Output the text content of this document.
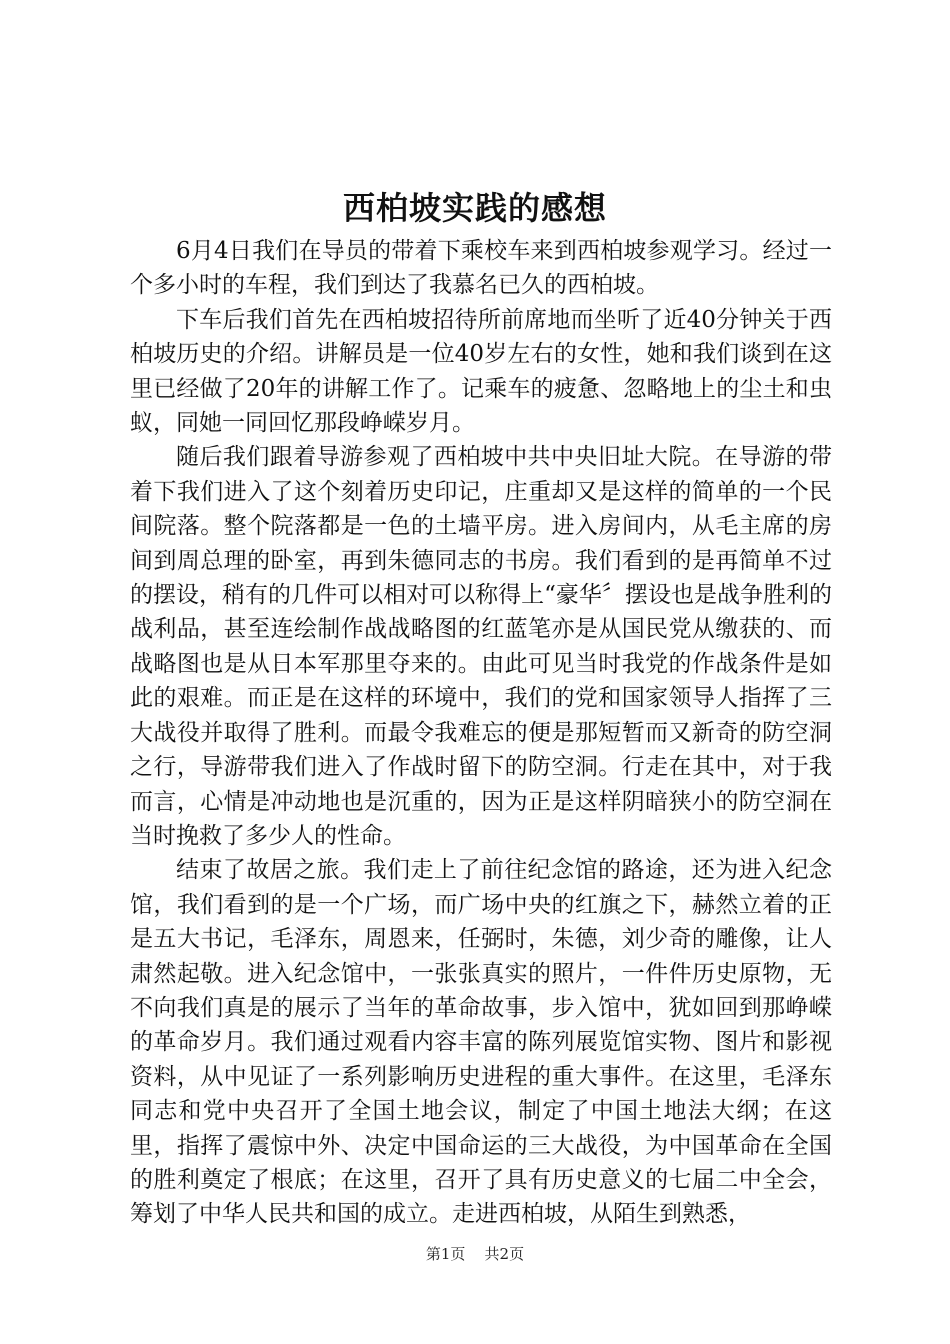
西柏坡实践的感想

6月4日我们在导员的带着下乘校车来到西柏坡参观学习。经过一个多小时的车程，我们到达了我慕名已久的西柏坡。

下车后我们首先在西柏坡招待所前席地而坐听了近40分钟关于西柏坡历史的介绍。讲解员是一位40岁左右的女性，她和我们谈到在这里已经做了20年的讲解工作了。记乘车的疲惫、忽略地上的尘土和虫蚁，同她一同回忆那段峥嵘岁月。

随后我们跟着导游参观了西柏坡中共中央旧址大院。在导游的带着下我们进入了这个刻着历史印记，庄重却又是这样的简单的一个民间院落。整个院落都是一色的土墙平房。进入房间内，从毛主席的房间到周总理的卧室，再到朱德同志的书房。我们看到的是再简单不过的摆设，稍有的几件可以相对可以称得上“豪华〞摆设也是战争胜利的战利品，甚至连绘制作战战略图的红蓝笔亦是从国民党从缴获的、而战略图也是从日本军那里夺来的。由此可见当时我党的作战条件是如此的艰难。而正是在这样的环境中，我们的党和国家领导人指挥了三大战役并取得了胜利。而最令我难忘的便是那短暂而又新奇的防空洞之行，导游带我们进入了作战时留下的防空洞。行走在其中，对于我而言，心情是冲动地也是沉重的，因为正是这样阴暗狭小的防空洞在当时挽救了多少人的性命。

结束了故居之旅。我们走上了前往纪念馆的路途，还为进入纪念馆，我们看到的是一个广场，而广场中央的红旗之下，赫然立着的正是五大书记，毛泽东，周恩来，任弼时，朱德，刘少奇的雕像，让人肃然起敬。进入纪念馆中，一张张真实的照片，一件件历史原物，无不向我们真是的展示了当年的革命故事，步入馆中，犹如回到那峥嵘的革命岁月。我们通过观看内容丰富的陈列展览馆实物、图片和影视资料，从中见证了一系列影响历史进程的重大事件。在这里，毛泽东同志和党中央召开了全国土地会议，制定了中国土地法大纲；在这里，指挥了震惊中外、决定中国命运的三大战役，为中国革命在全国的胜利奠定了根底；在这里，召开了具有历史意义的七届二中全会，筹划了中华人民共和国的成立。走进西柏坡，从陌生到熟悉，

第1页 共2页
